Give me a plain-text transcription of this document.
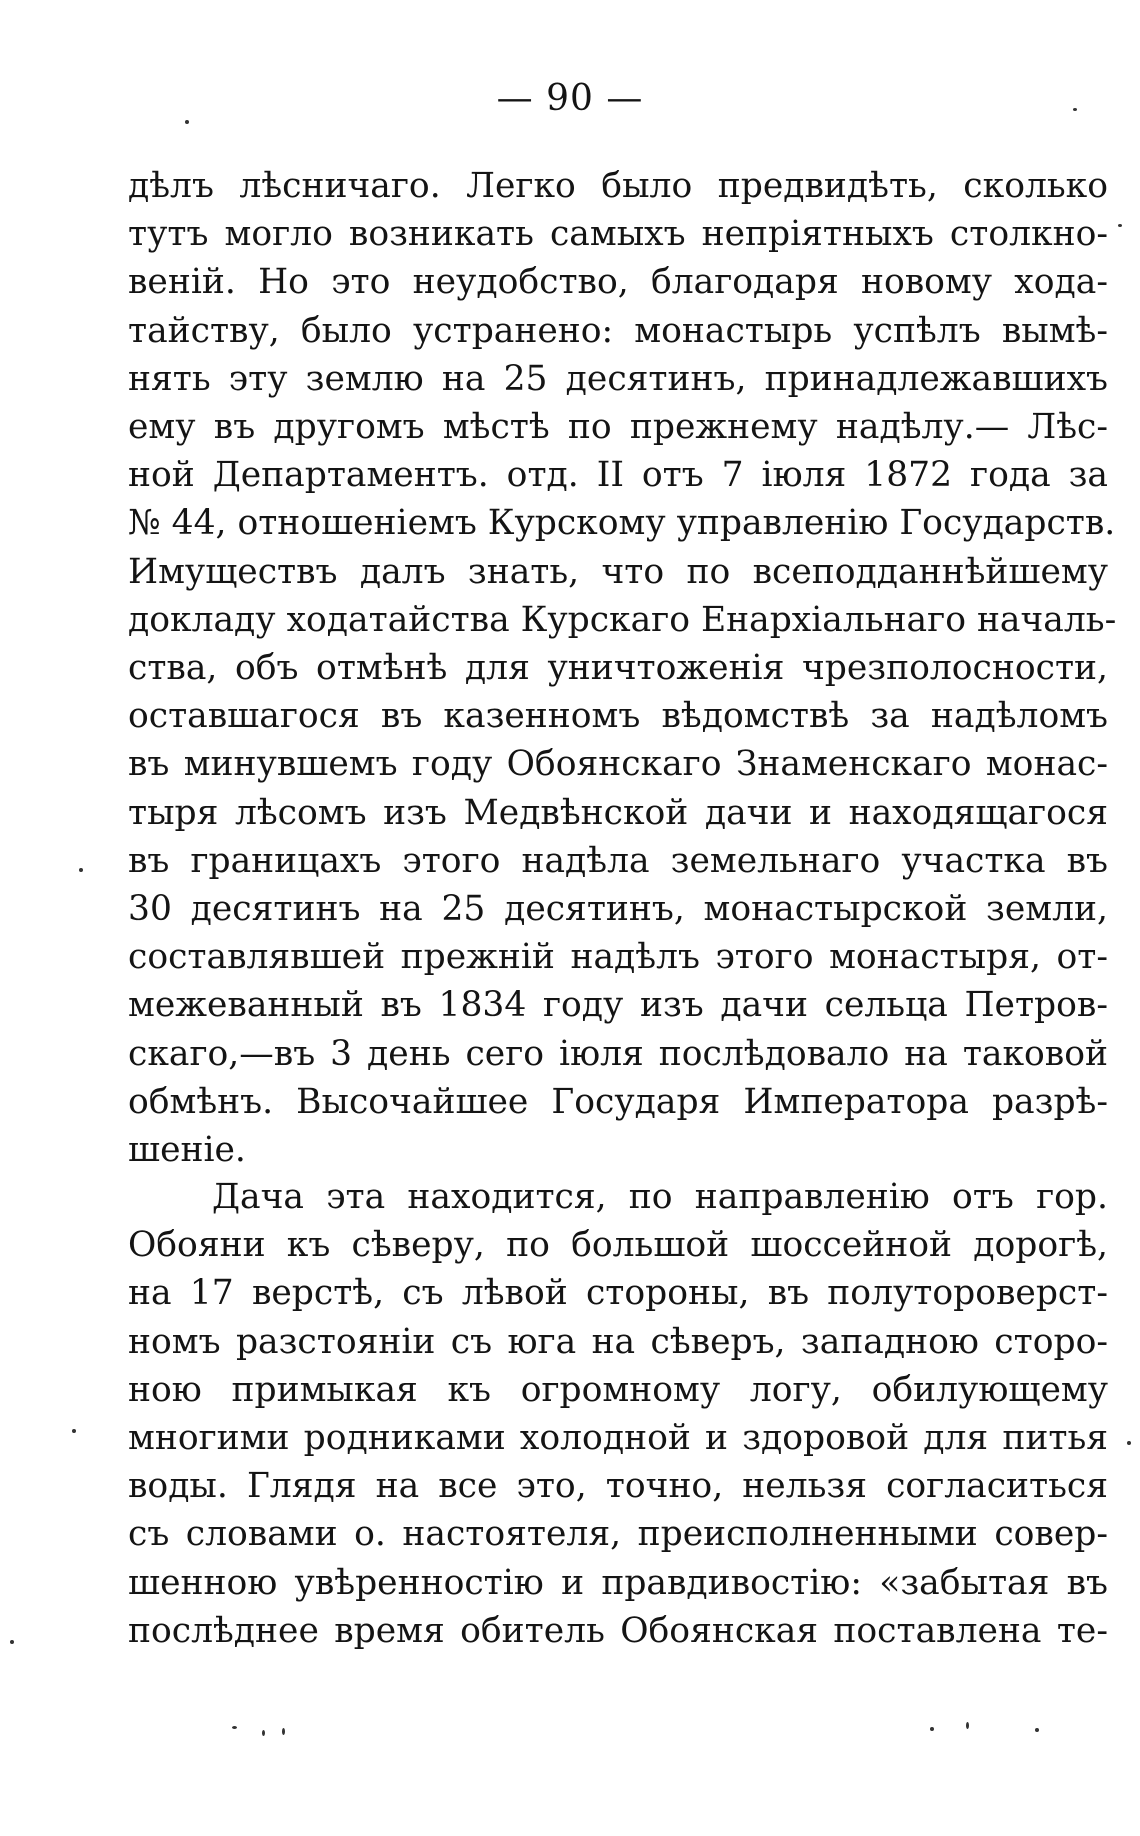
— 90 —
дѣлъ лѣсничаго. Легко было предвидѣть, сколько
тутъ могло возникать самыхъ непріятныхъ столкно-
веній. Но это неудобство, благодаря новому хода-
тайству, было устранено: монастырь успѣлъ вымѣ-
нять эту землю на 25 десятинъ, принадлежавшихъ
ему въ другомъ мѣстѣ по прежнему надѣлу.— Лѣс-
ной Департаментъ. отд. II отъ 7 іюля 1872 года за
№ 44, отношеніемъ Курскому управленію Государств.
Имуществъ далъ знать, что по всеподданнѣйшему
докладу ходатайства Курскаго Енархіальнаго началь-
ства, объ отмѣнѣ для уничтоженія чрезполосности,
оставшагося въ казенномъ вѣдомствѣ за надѣломъ
въ минувшемъ году Обоянскаго Знаменскаго монас-
тыря лѣсомъ изъ Медвѣнской дачи и находящагося
въ границахъ этого надѣла земельнаго участка въ
30 десятинъ на 25 десятинъ, монастырской земли,
составлявшей прежній надѣлъ этого монастыря, от-
межеванный въ 1834 году изъ дачи сельца Петров-
скаго,—въ 3 день сего іюля послѣдовало на таковой
обмѣнъ. Высочайшее Государя Императора разрѣ-
шеніе.
Дача эта находится, по направленію отъ гор.
Обояни къ сѣверу, по большой шоссейной дорогѣ,
на 17 верстѣ, съ лѣвой стороны, въ полутороверст-
номъ разстояніи съ юга на сѣверъ, западною сторо-
ною примыкая къ огромному логу, обилующему
многими родниками холодной и здоровой для питья
воды. Глядя на все это, точно, нельзя согласиться
съ словами о. настоятеля, преисполненными совер-
шенною увѣренностію и правдивостію: «забытая въ
послѣднее время обитель Обоянская поставлена те-
